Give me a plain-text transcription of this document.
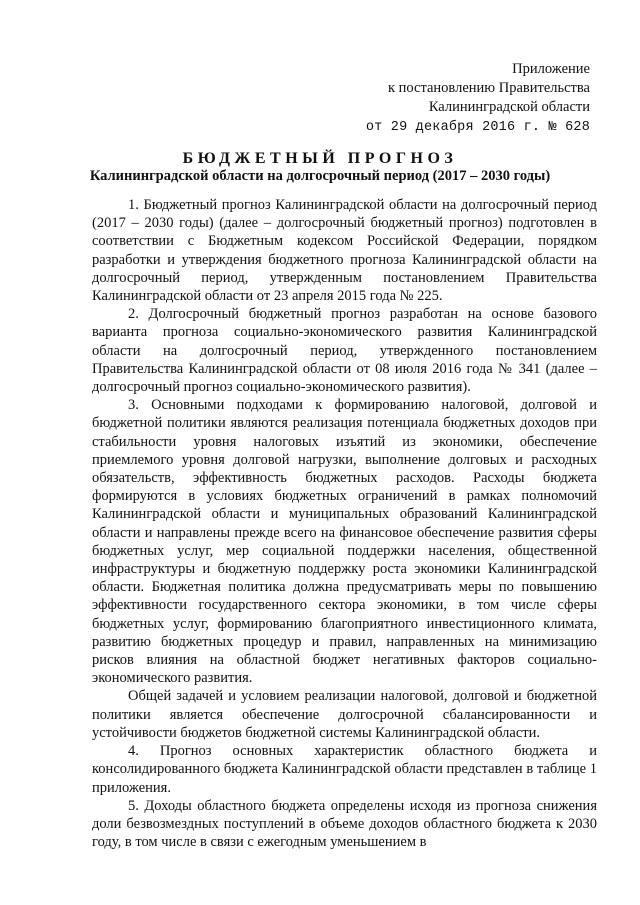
Приложение
к постановлению Правительства
Калининградской области
от 29 декабря 2016 г. № 628
БЮДЖЕТНЫЙ ПРОГНОЗ
Калининградской области на долгосрочный период (2017 – 2030 годы)

1. Бюджетный прогноз Калининградской области на долгосрочный период (2017 – 2030 годы) (далее – долгосрочный бюджетный прогноз) подготовлен в соответствии с Бюджетным кодексом Российской Федерации, порядком разработки и утверждения бюджетного прогноза Калининградской области на долгосрочный период, утвержденным постановлением Правительства Калининградской области от 23 апреля 2015 года № 225.

2. Долгосрочный бюджетный прогноз разработан на основе базового варианта прогноза социально-экономического развития Калининградской области на долгосрочный период, утвержденного постановлением Правительства Калининградской области от 08 июля 2016 года № 341 (далее – долгосрочный прогноз социально-экономического развития).

3. Основными подходами к формированию налоговой, долговой и бюджетной политики являются реализация потенциала бюджетных доходов при стабильности уровня налоговых изъятий из экономики, обеспечение приемлемого уровня долговой нагрузки, выполнение долговых и расходных обязательств, эффективность бюджетных расходов. Расходы бюджета формируются в условиях бюджетных ограничений в рамках полномочий Калининградской области и муниципальных образований Калининградской области и направлены прежде всего на финансовое обеспечение развития сферы бюджетных услуг, мер социальной поддержки населения, общественной инфраструктуры и бюджетную поддержку роста экономики Калининградской области. Бюджетная политика должна предусматривать меры по повышению эффективности государственного сектора экономики, в том числе сферы бюджетных услуг, формированию благоприятного инвестиционного климата, развитию бюджетных процедур и правил, направленных на минимизацию рисков влияния на областной бюджет негативных факторов социально-экономического развития.

Общей задачей и условием реализации налоговой, долговой и бюджетной политики является обеспечение долгосрочной сбалансированности и устойчивости бюджетов бюджетной системы Калининградской области.

4. Прогноз основных характеристик областного бюджета и консолидированного бюджета Калининградской области представлен в таблице 1 приложения.

5. Доходы областного бюджета определены исходя из прогноза снижения доли безвозмездных поступлений в объеме доходов областного бюджета к 2030 году, в том числе в связи с ежегодным уменьшением в
